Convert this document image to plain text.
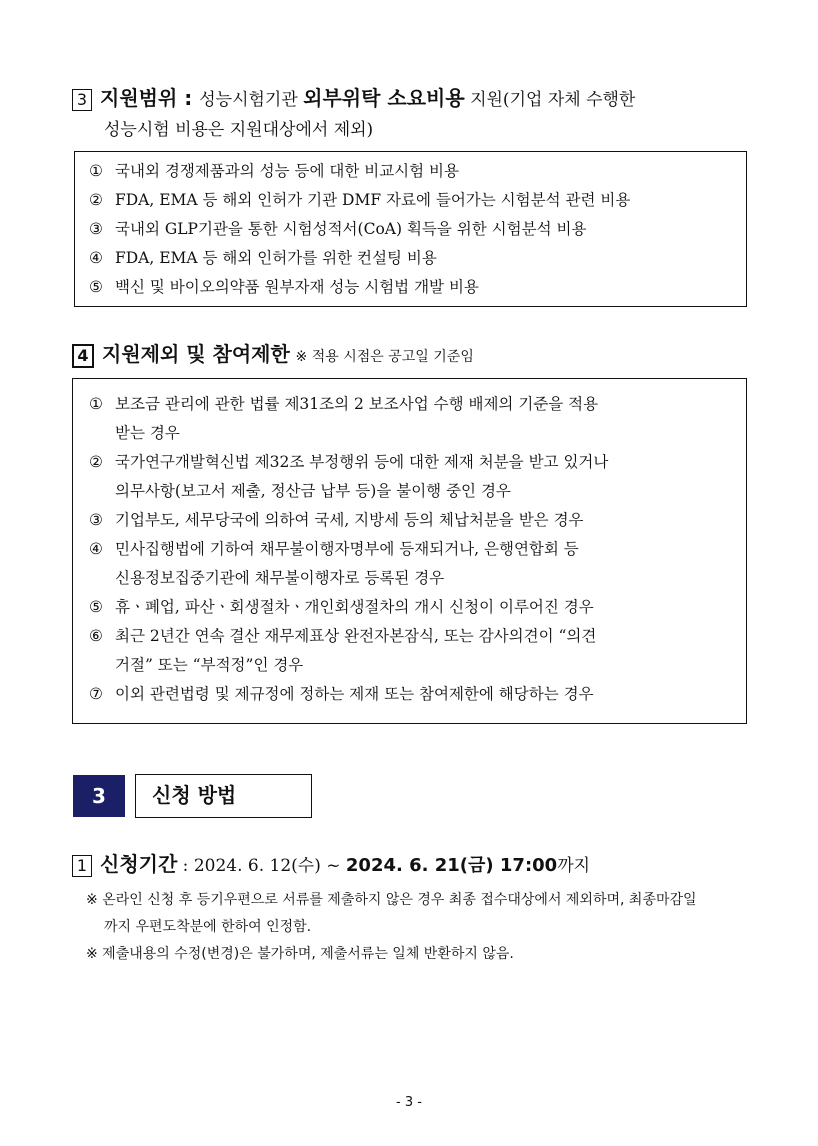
3 지원범위 : 성능시험기관 외부위탁 소요비용 지원(기업 자체 수행한
성능시험 비용은 지원대상에서 제외)
① 국내외 경쟁제품과의 성능 등에 대한 비교시험 비용
② FDA, EMA 등 해외 인허가 기관 DMF 자료에 들어가는 시험분석 관련 비용
③ 국내외 GLP기관을 통한 시험성적서(CoA) 획득을 위한 시험분석 비용
④ FDA, EMA 등 해외 인허가를 위한 컨설팅 비용
⑤ 백신 및 바이오의약품 원부자재 성능 시험법 개발 비용
4 지원제외 및 참여제한 ※ 적용 시점은 공고일 기준임
① 보조금 관리에 관한 법률 제31조의 2 보조사업 수행 배제의 기준을 적용
받는 경우
② 국가연구개발혁신법 제32조 부정행위 등에 대한 제재 처분을 받고 있거나
의무사항(보고서 제출, 정산금 납부 등)을 불이행 중인 경우
③ 기업부도, 세무당국에 의하여 국세, 지방세 등의 체납처분을 받은 경우
④ 민사집행법에 기하여 채무불이행자명부에 등재되거나, 은행연합회 등
신용정보집중기관에 채무불이행자로 등록된 경우
⑤ 휴ㆍ폐업, 파산ㆍ회생절차ㆍ개인회생절차의 개시 신청이 이루어진 경우
⑥ 최근 2년간 연속 결산 재무제표상 완전자본잠식, 또는 감사의견이 “의견
거절” 또는 “부적정”인 경우
⑦ 이외 관련법령 및 제규정에 정하는 제재 또는 참여제한에 해당하는 경우
3	신청 방법
1 신청기간 : 2024. 6. 12(수) ~ 2024. 6. 21(금) 17:00까지
※ 온라인 신청 후 등기우편으로 서류를 제출하지 않은 경우 최종 접수대상에서 제외하며, 최종마감일
까지 우편도착분에 한하여 인정함.
※ 제출내용의 수정(변경)은 불가하며, 제출서류는 일체 반환하지 않음.
- 3 -
